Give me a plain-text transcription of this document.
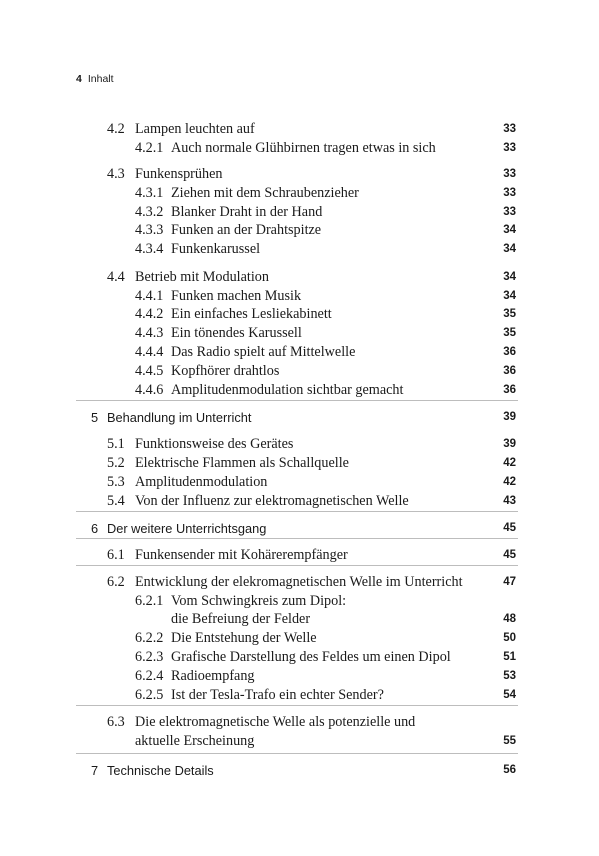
4 Inhalt
4.2 Lampen leuchten auf	33
4.2.1 Auch normale Glühbirnen tragen etwas in sich	33
4.3 Funkensprühen	33
4.3.1 Ziehen mit dem Schraubenzieher	33
4.3.2 Blanker Draht in der Hand	33
4.3.3 Funken an der Drahtspitze	34
4.3.4 Funkenkarussel	34
4.4 Betrieb mit Modulation	34
4.4.1 Funken machen Musik	34
4.4.2 Ein einfaches Lesliekabinett	35
4.4.3 Ein tönendes Karussell	35
4.4.4 Das Radio spielt auf Mittelwelle	36
4.4.5 Kopfhörer drahtlos	36
4.4.6 Amplitudenmodulation sichtbar gemacht	36
5 Behandlung im Unterricht	39
5.1 Funktionsweise des Gerätes	39
5.2 Elektrische Flammen als Schallquelle	42
5.3 Amplitudenmodulation	42
5.4 Von der Influenz zur elektromagnetischen Welle	43
6 Der weitere Unterrichtsgang	45
6.1 Funkensender mit Kohärerempfänger	45
6.2 Entwicklung der elekromagnetischen Welle im Unterricht	47
6.2.1 Vom Schwingkreis zum Dipol:
die Befreiung der Felder	48
6.2.2 Die Entstehung der Welle	50
6.2.3 Grafische Darstellung des Feldes um einen Dipol	51
6.2.4 Radioempfang	53
6.2.5 Ist der Tesla-Trafo ein echter Sender?	54
6.3 Die elektromagnetische Welle als potenzielle und
aktuelle Erscheinung	55
7 Technische Details	56
